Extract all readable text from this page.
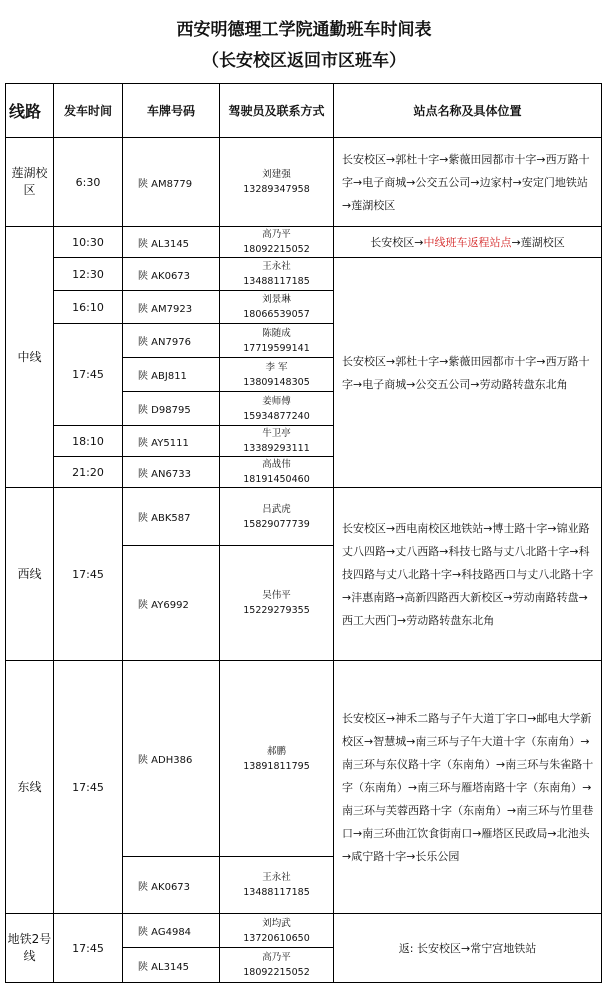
西安明德理工学院通勤班车时间表
（长安校区返回市区班车）
线路	发车时间	车牌号码	驾驶员及联系方式	站点名称及具体位置
莲湖校区	6:30	陕 AM8779	刘建强
13289347958	长安校区→郭杜十字→紫薇田园都市十字→西万路十字→电子商城→公交五公司→边家村→安定门地铁站→莲湖校区
中线	10:30	陕 AL3145	高乃平
18092215052	长安校区→中线班车返程站点→莲湖校区
	12:30	陕 AK0673	王永社
13488117185	长安校区→郭杜十字→紫薇田园都市十字→西万路十字→电子商城→公交五公司→劳动路转盘东北角
	16:10	陕 AM7923	刘景琳
18066539057	

	17:45	陕 AN7976	陈随成
17719599141	

		陕 ABJ811	李 军
13809148305	

		陕 D98795	姜师傅
15934877240	

	18:10	陕 AY5111	牛卫亭
13389293111	

	21:20	陕 AN6733	高战伟
18191450460	

西线	17:45	陕 ABK587	吕武虎
15829077739	长安校区→西电南校区地铁站→博士路十字→锦业路丈八四路→丈八西路→科技七路与丈八北路十字→科技四路与丈八北路十字→科技路西口与丈八北路十字→沣惠南路→高新四路西大新校区→劳动南路转盘→西工大西门→劳动路转盘东北角
		陕 AY6992	吴伟平
15229279355	

东线	17:45	陕 ADH386	郝鹏
13891811795	长安校区→神禾二路与子午大道丁字口→邮电大学新校区→智慧城→南三环与子午大道十字（东南角）→南三环与东仪路十字（东南角）→南三环与朱雀路十字（东南角）→南三环与雁塔南路十字（东南角）→南三环与芙蓉西路十字（东南角）→南三环与竹里巷口→南三环曲江饮食街南口→雁塔区民政局→北池头→咸宁路十字→长乐公园
		陕 AK0673	王永社
13488117185	

地铁2号线	17:45	陕 AG4984	刘均武
13720610650	返: 长安校区→常宁宫地铁站
		陕 AL3145	高乃平
18092215052	
